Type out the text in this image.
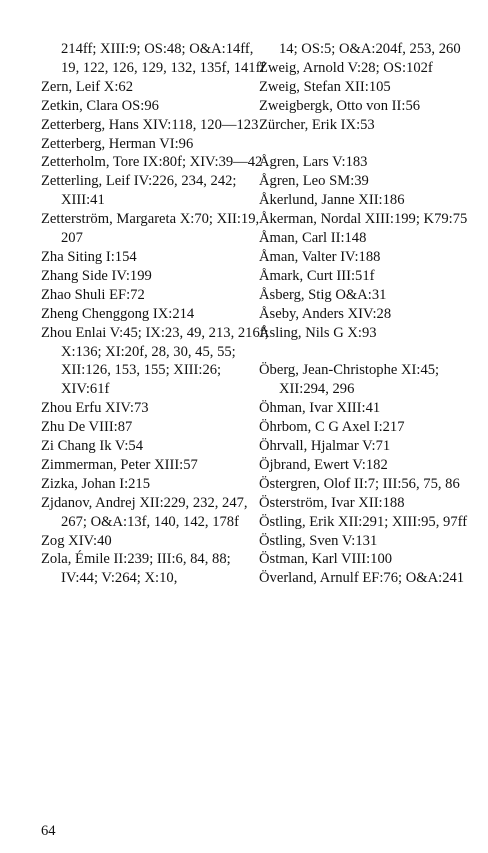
214ff; XIII:9; OS:48; O&A:14ff, 19, 122, 126, 129, 132, 135f, 141ff
Zern, Leif X:62
Zetkin, Clara OS:96
Zetterberg, Hans XIV:118, 120—123
Zetterberg, Herman VI:96
Zetterholm, Tore IX:80f; XIV:39—42
Zetterling, Leif IV:226, 234, 242; XIII:41
Zetterström, Margareta X:70; XII:19, 207
Zha Siting I:154
Zhang Side IV:199
Zhao Shuli EF:72
Zheng Chenggong IX:214
Zhou Enlai V:45; IX:23, 49, 213, 216f; X:136; XI:20f, 28, 30, 45, 55; XII:126, 153, 155; XIII:26; XIV:61f
Zhou Erfu XIV:73
Zhu De VIII:87
Zi Chang Ik V:54
Zimmerman, Peter XIII:57
Zizka, Johan I:215
Zjdanov, Andrej XII:229, 232, 247, 267; O&A:13f, 140, 142, 178f
Zog XIV:40
Zola, Émile II:239; III:6, 84, 88; IV:44; V:264; X:10,
14; OS:5; O&A:204f, 253, 260
Zweig, Arnold V:28; OS:102f
Zweig, Stefan XII:105
Zweigbergk, Otto von II:56
Zürcher, Erik IX:53
Ågren, Lars V:183
Ågren, Leo SM:39
Åkerlund, Janne XII:186
Åkerman, Nordal XIII:199; K79:75
Åman, Carl II:148
Åman, Valter IV:188
Åmark, Curt III:51f
Åsberg, Stig O&A:31
Åseby, Anders XIV:28
Åsling, Nils G X:93
Öberg, Jean-Christophe XI:45; XII:294, 296
Öhman, Ivar XIII:41
Öhrbom, C G Axel I:217
Öhrvall, Hjalmar V:71
Öjbrand, Ewert V:182
Östergren, Olof II:7; III:56, 75, 86
Österström, Ivar XII:188
Östling, Erik XII:291; XIII:95, 97ff
Östling, Sven V:131
Östman, Karl VIII:100
Överland, Arnulf EF:76; O&A:241
64
